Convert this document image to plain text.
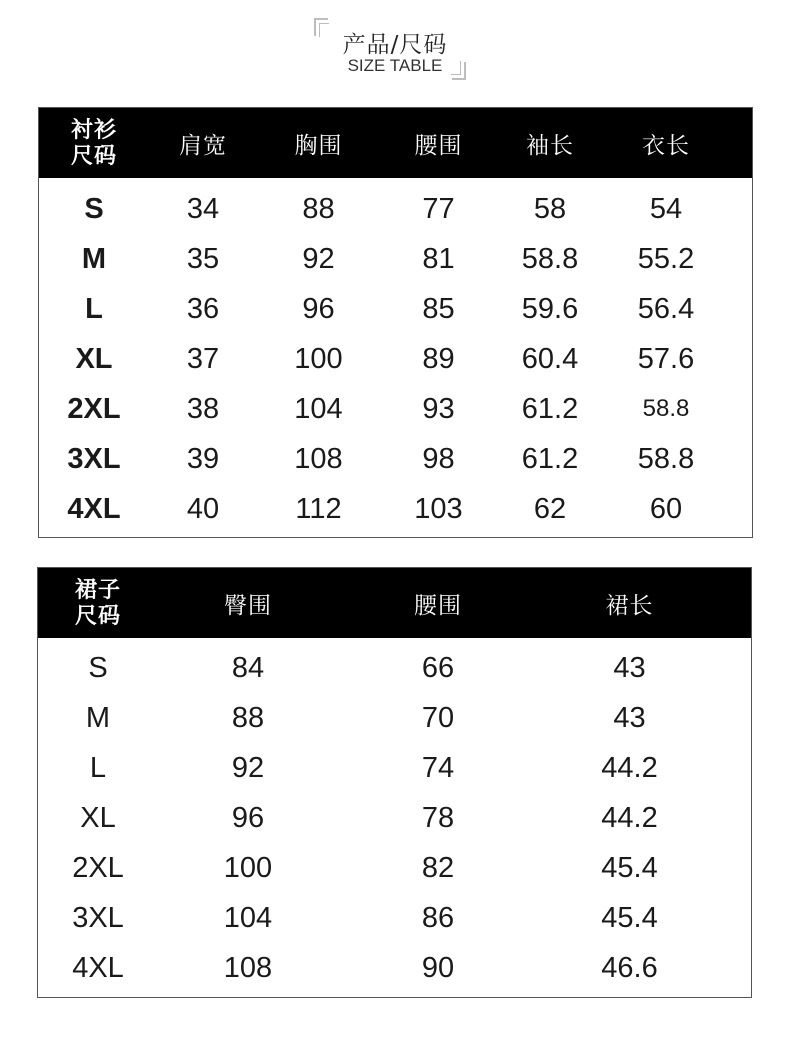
产品/尺码
SIZE TABLE
衬衫
尺码	肩宽	胸围	腰围	袖长	衣长
S	34	88	77	58	54
M	35	92	81	58.8	55.2
L	36	96	85	59.6	56.4
XL	37	100	89	60.4	57.6
2XL	38	104	93	61.2	58.8
3XL	39	108	98	61.2	58.8
4XL	40	112	103	62	60
裙子
尺码	臀围	腰围	裙长
S	84	66	43
M	88	70	43
L	92	74	44.2
XL	96	78	44.2
2XL	100	82	45.4
3XL	104	86	45.4
4XL	108	90	46.6
